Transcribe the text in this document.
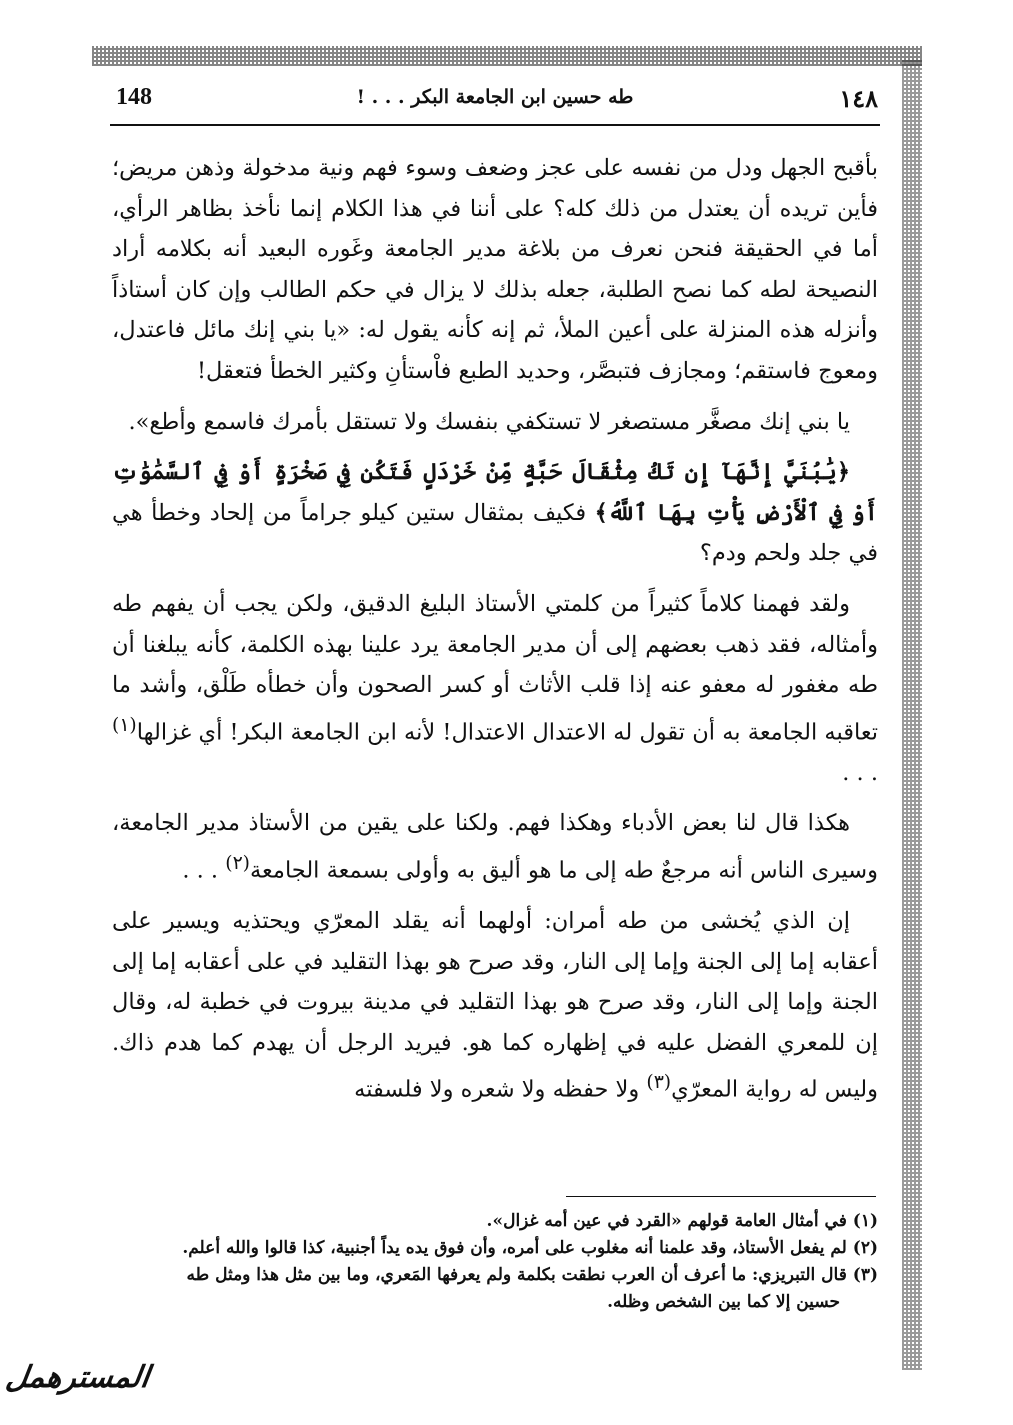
148	طه حسين ابن الجامعة البكر . . . !	١٤٨

بأقبح الجهل ودل من نفسه على عجز وضعف وسوء فهم ونية مدخولة وذهن مريض؛ فأين تريده أن يعتدل من ذلك كله؟ على أننا في هذا الكلام إنما نأخذ بظاهر الرأي، أما في الحقيقة فنحن نعرف من بلاغة مدير الجامعة وغَوره البعيد أنه بكلامه أراد النصيحة لطه كما نصح الطلبة، جعله بذلك لا يزال في حكم الطالب وإن كان أستاذاً وأنزله هذه المنزلة على أعين الملأ، ثم إنه كأنه يقول له: «يا بني إنك مائل فاعتدل، ومعوج فاستقم؛ ومجازف فتبصَّر، وحديد الطبع فاْستأنِ وكثير الخطأ فتعقل!

يا بني إنك مصغَّر مستصغر لا تستكفي بنفسك ولا تستقل بأمرك فاسمع وأطع».

﴿يَٰبُنَيَّ إِنَّهَآ إِن تَكُ مِثْقَالَ حَبَّةٍ مِّنْ خَرْدَلٍ فَتَكُن فِي صَخْرَةٍ أَوْ فِي ٱلسَّمَٰوَٰتِ أَوْ فِي ٱلْأَرْضِ يَأْتِ بِهَا ٱللَّهُ﴾ فكيف بمثقال ستين كيلو جراماً من إلحاد وخطأ هي في جلد ولحم ودم؟

ولقد فهمنا كلاماً كثيراً من كلمتي الأستاذ البليغ الدقيق، ولكن يجب أن يفهم طه وأمثاله، فقد ذهب بعضهم إلى أن مدير الجامعة يرد علينا بهذه الكلمة، كأنه يبلغنا أن طه مغفور له معفو عنه إذا قلب الأثاث أو كسر الصحون وأن خطأه طَلْق، وأشد ما تعاقبه الجامعة به أن تقول له الاعتدال الاعتدال! لأنه ابن الجامعة البكر! أي غزالها$^{(١)}$ . . .

هكذا قال لنا بعض الأدباء وهكذا فهم. ولكنا على يقين من الأستاذ مدير الجامعة، وسيرى الناس أنه مرجعٌ طه إلى ما هو أليق به وأولى بسمعة الجامعة$^{(٢)}$ . . .

إن الذي يُخشى من طه أمران: أولهما أنه يقلد المعرّي ويحتذيه ويسير على أعقابه إما إلى الجنة وإما إلى النار، وقد صرح هو بهذا التقليد في على أعقابه إما إلى الجنة وإما إلى النار، وقد صرح هو بهذا التقليد في مدينة بيروت في خطبة له، وقال إن للمعري الفضل عليه في إظهاره كما هو. فيريد الرجل أن يهدم كما هدم ذاك. وليس له رواية المعرّي$^{(٣)}$ ولا حفظه ولا شعره ولا فلسفته

(١) في أمثال العامة قولهم «القرد في عين أمه غزال».
(٢) لم يفعل الأستاذ، وقد علمنا أنه مغلوب على أمره، وأن فوق يده يداً أجنبية، كذا قالوا والله أعلم.
(٣) قال التبريزي: ما أعرف أن العرب نطقت بكلمة ولم يعرفها المَعري، وما بين مثل هذا ومثل طه
حسين إلا كما بين الشخص وظله.
المسترهمل
